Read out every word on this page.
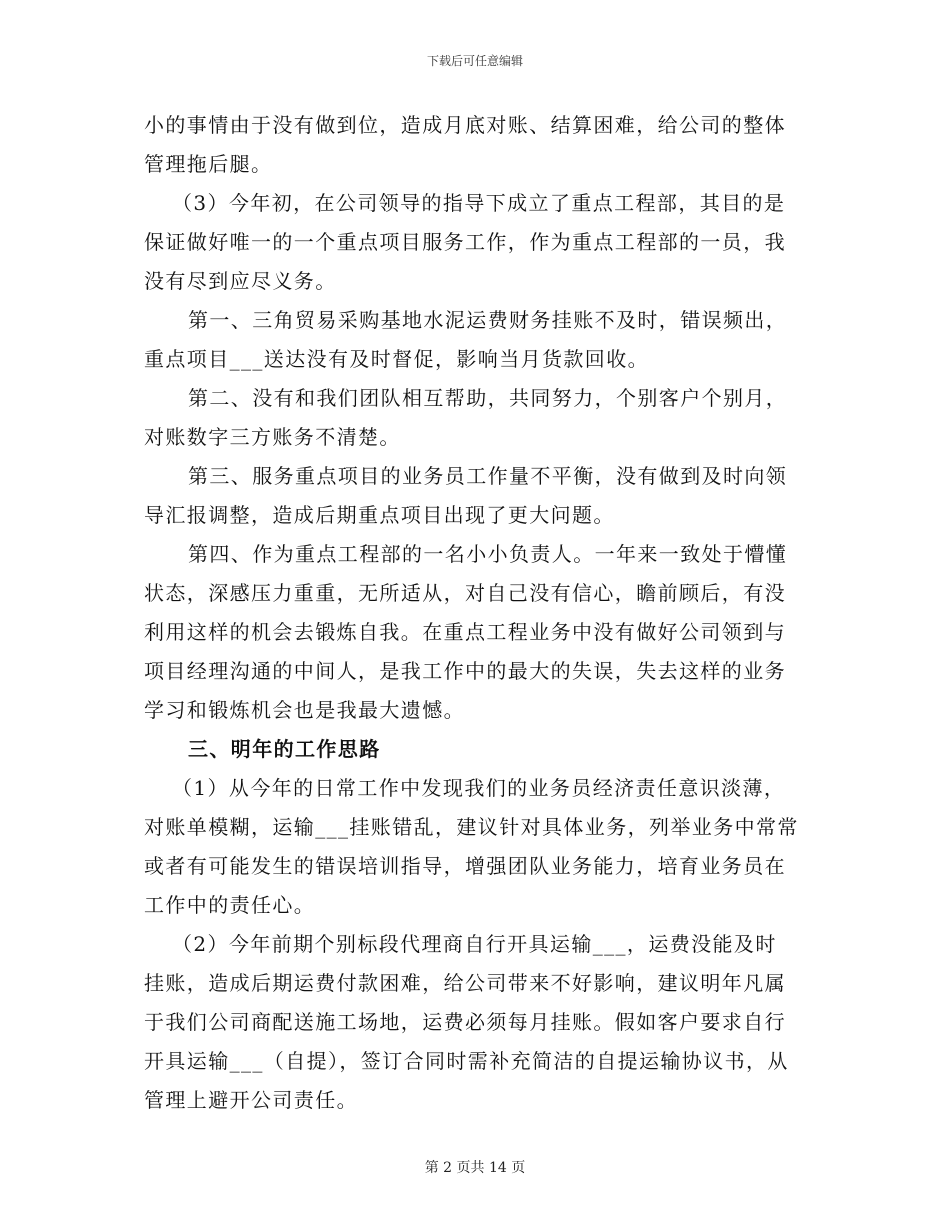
下载后可任意编辑
小的事情由于没有做到位，造成月底对账、结算困难，给公司的整体
管理拖后腿。
（3）今年初，在公司领导的指导下成立了重点工程部，其目的是
保证做好唯一的一个重点项目服务工作，作为重点工程部的一员，我
没有尽到应尽义务。
第一、三角贸易采购基地水泥运费财务挂账不及时，错误频出，
重点项目___送达没有及时督促，影响当月货款回收。
第二、没有和我们团队相互帮助，共同努力，个别客户个别月，
对账数字三方账务不清楚。
第三、服务重点项目的业务员工作量不平衡，没有做到及时向领
导汇报调整，造成后期重点项目出现了更大问题。
第四、作为重点工程部的一名小小负责人。一年来一致处于懵懂
状态，深感压力重重，无所适从，对自己没有信心，瞻前顾后，有没
利用这样的机会去锻炼自我。在重点工程业务中没有做好公司领到与
项目经理沟通的中间人，是我工作中的最大的失误，失去这样的业务
学习和锻炼机会也是我最大遗憾。
三、明年的工作思路
（1）从今年的日常工作中发现我们的业务员经济责任意识淡薄，
对账单模糊，运输___挂账错乱，建议针对具体业务，列举业务中常常
或者有可能发生的错误培训指导，增强团队业务能力，培育业务员在
工作中的责任心。
（2）今年前期个别标段代理商自行开具运输___，运费没能及时
挂账，造成后期运费付款困难，给公司带来不好影响，建议明年凡属
于我们公司商配送施工场地，运费必须每月挂账。假如客户要求自行
开具运输___（自提），签订合同时需补充简洁的自提运输协议书，从
管理上避开公司责任。
第 2 页共 14 页
